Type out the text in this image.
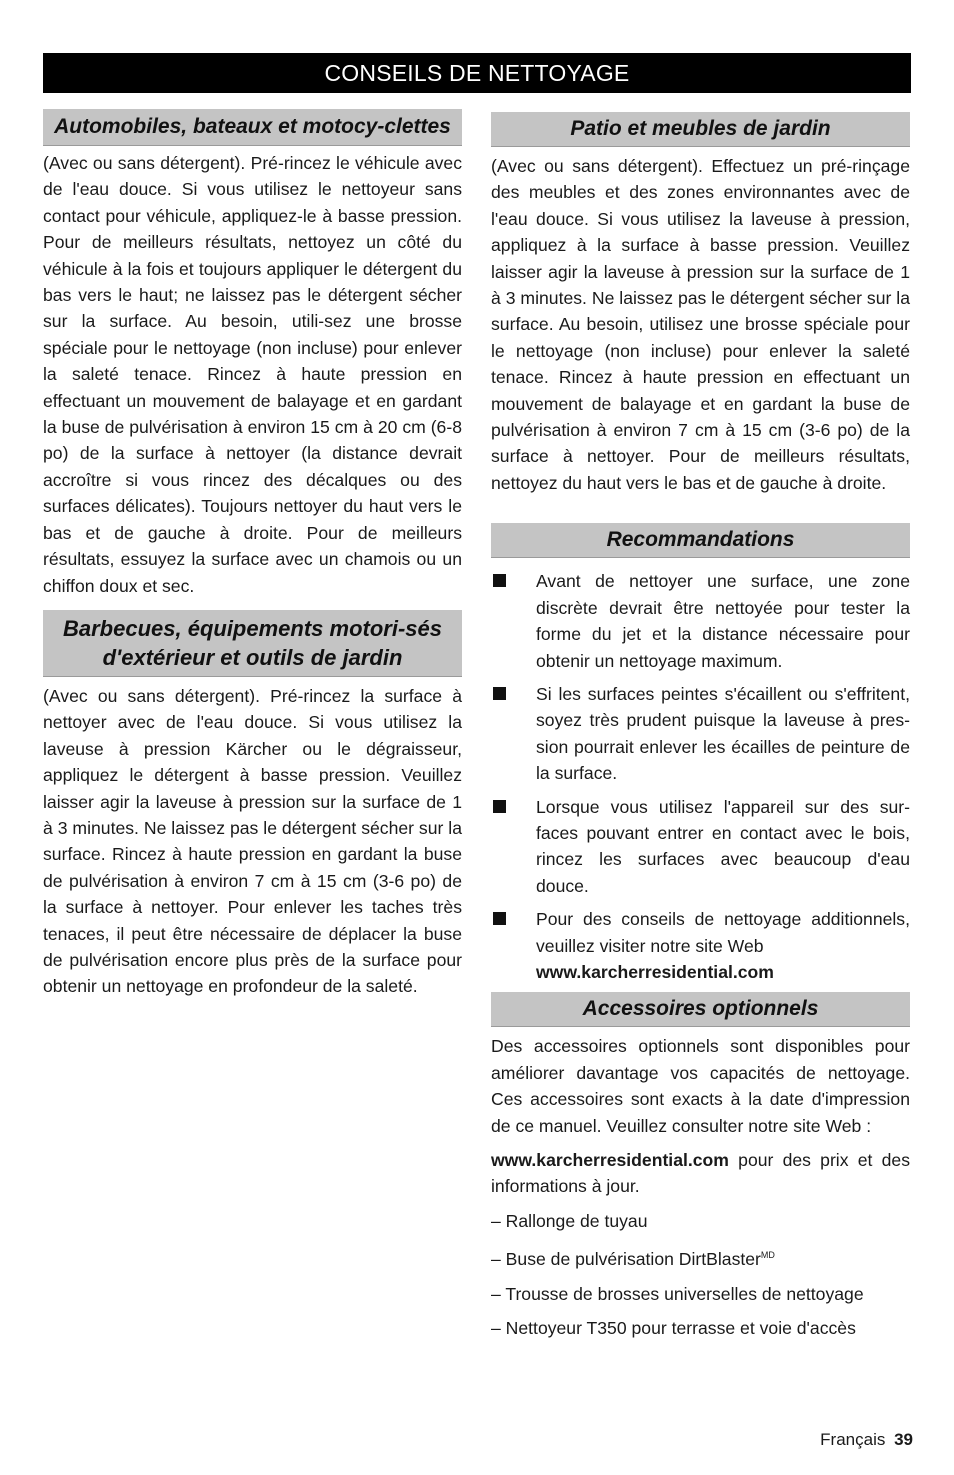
CONSEILS DE NETTOYAGE
Automobiles, bateaux et motocy-clettes

(Avec ou sans détergent). Pré-rincez le véhicule avec de l'eau douce. Si vous utilisez le nettoyeur sans contact pour véhicule, appliquez-le à basse pression. Pour de meilleurs résultats, nettoyez un côté du véhicule à la fois et toujours appliquer le détergent du bas vers le haut; ne laissez pas le détergent sécher sur la surface. Au besoin, utili-sez une brosse spéciale pour le nettoyage (non incluse) pour enlever la saleté tenace. Rincez à haute pression en effectuant un mouvement de balayage et en gardant la buse de pulvérisation à environ 15 cm à 20 cm (6-8 po) de la surface à nettoyer (la distance devrait accroître si vous rincez des décalques ou des surfaces délicates). Toujours nettoyer du haut vers le bas et de gauche à droite. Pour de meilleurs résultats, essuyez la surface avec un chamois ou un chiffon doux et sec.

Barbecues, équipements motori-sés d'extérieur et outils de jardin

(Avec ou sans détergent). Pré-rincez la surface à nettoyer avec de l'eau douce. Si vous utilisez la laveuse à pression Kärcher ou le dégraisseur, appliquez le détergent à basse pression. Veuillez laisser agir la laveuse à pression sur la surface de 1 à 3 minutes. Ne laissez pas le détergent sécher sur la surface. Rincez à haute pression en gardant la buse de pulvérisation à environ 7 cm à 15 cm (3-6 po) de la surface à nettoyer. Pour enlever les taches très tenaces, il peut être nécessaire de déplacer la buse de pulvérisation encore plus près de la surface pour obtenir un nettoyage en profondeur de la saleté.

Patio et meubles de jardin

(Avec ou sans détergent). Effectuez un pré-rinçage des meubles et des zones environnantes avec de l'eau douce. Si vous utilisez la laveuse à pression, appliquez à la surface à basse pression. Veuillez laisser agir la laveuse à pression sur la surface de 1 à 3 minutes. Ne laissez pas le détergent sécher sur la surface. Au besoin, utilisez une brosse spéciale pour le nettoyage (non incluse) pour enlever la saleté tenace. Rincez à haute pression en effectuant un mouvement de balayage et en gardant la buse de pulvérisation à environ 7 cm à 15 cm (3-6 po) de la surface à nettoyer. Pour de meilleurs résultats, nettoyez du haut vers le bas et de gauche à droite.

Recommandations
Avant de nettoyer une surface, une zone discrète devrait être nettoyée pour tester la forme du jet et la distance nécessaire pour obtenir un nettoyage maximum.
Si les surfaces peintes s'écaillent ou s'effritent, soyez très prudent puisque la laveuse à pres-sion pourrait enlever les écailles de peinture de la surface.
Lorsque vous utilisez l'appareil sur des sur-faces pouvant entrer en contact avec le bois, rincez les surfaces avec beaucoup d'eau douce.
Pour des conseils de nettoyage additionnels, veuillez visiter notre site Web
www.karcherresidential.com
Accessoires optionnels

Des accessoires optionnels sont disponibles pour améliorer davantage vos capacités de nettoyage. Ces accessoires sont exacts à la date d'impression de ce manuel. Veuillez consulter notre site Web :

www.karcherresidential.com pour des prix et des informations à jour.

– Rallonge de tuyau
– Buse de pulvérisation DirtBlaster$^{MD}$
– Trousse de brosses universelles de nettoyage
– Nettoyeur T350 pour terrasse et voie d'accès
Français 39
